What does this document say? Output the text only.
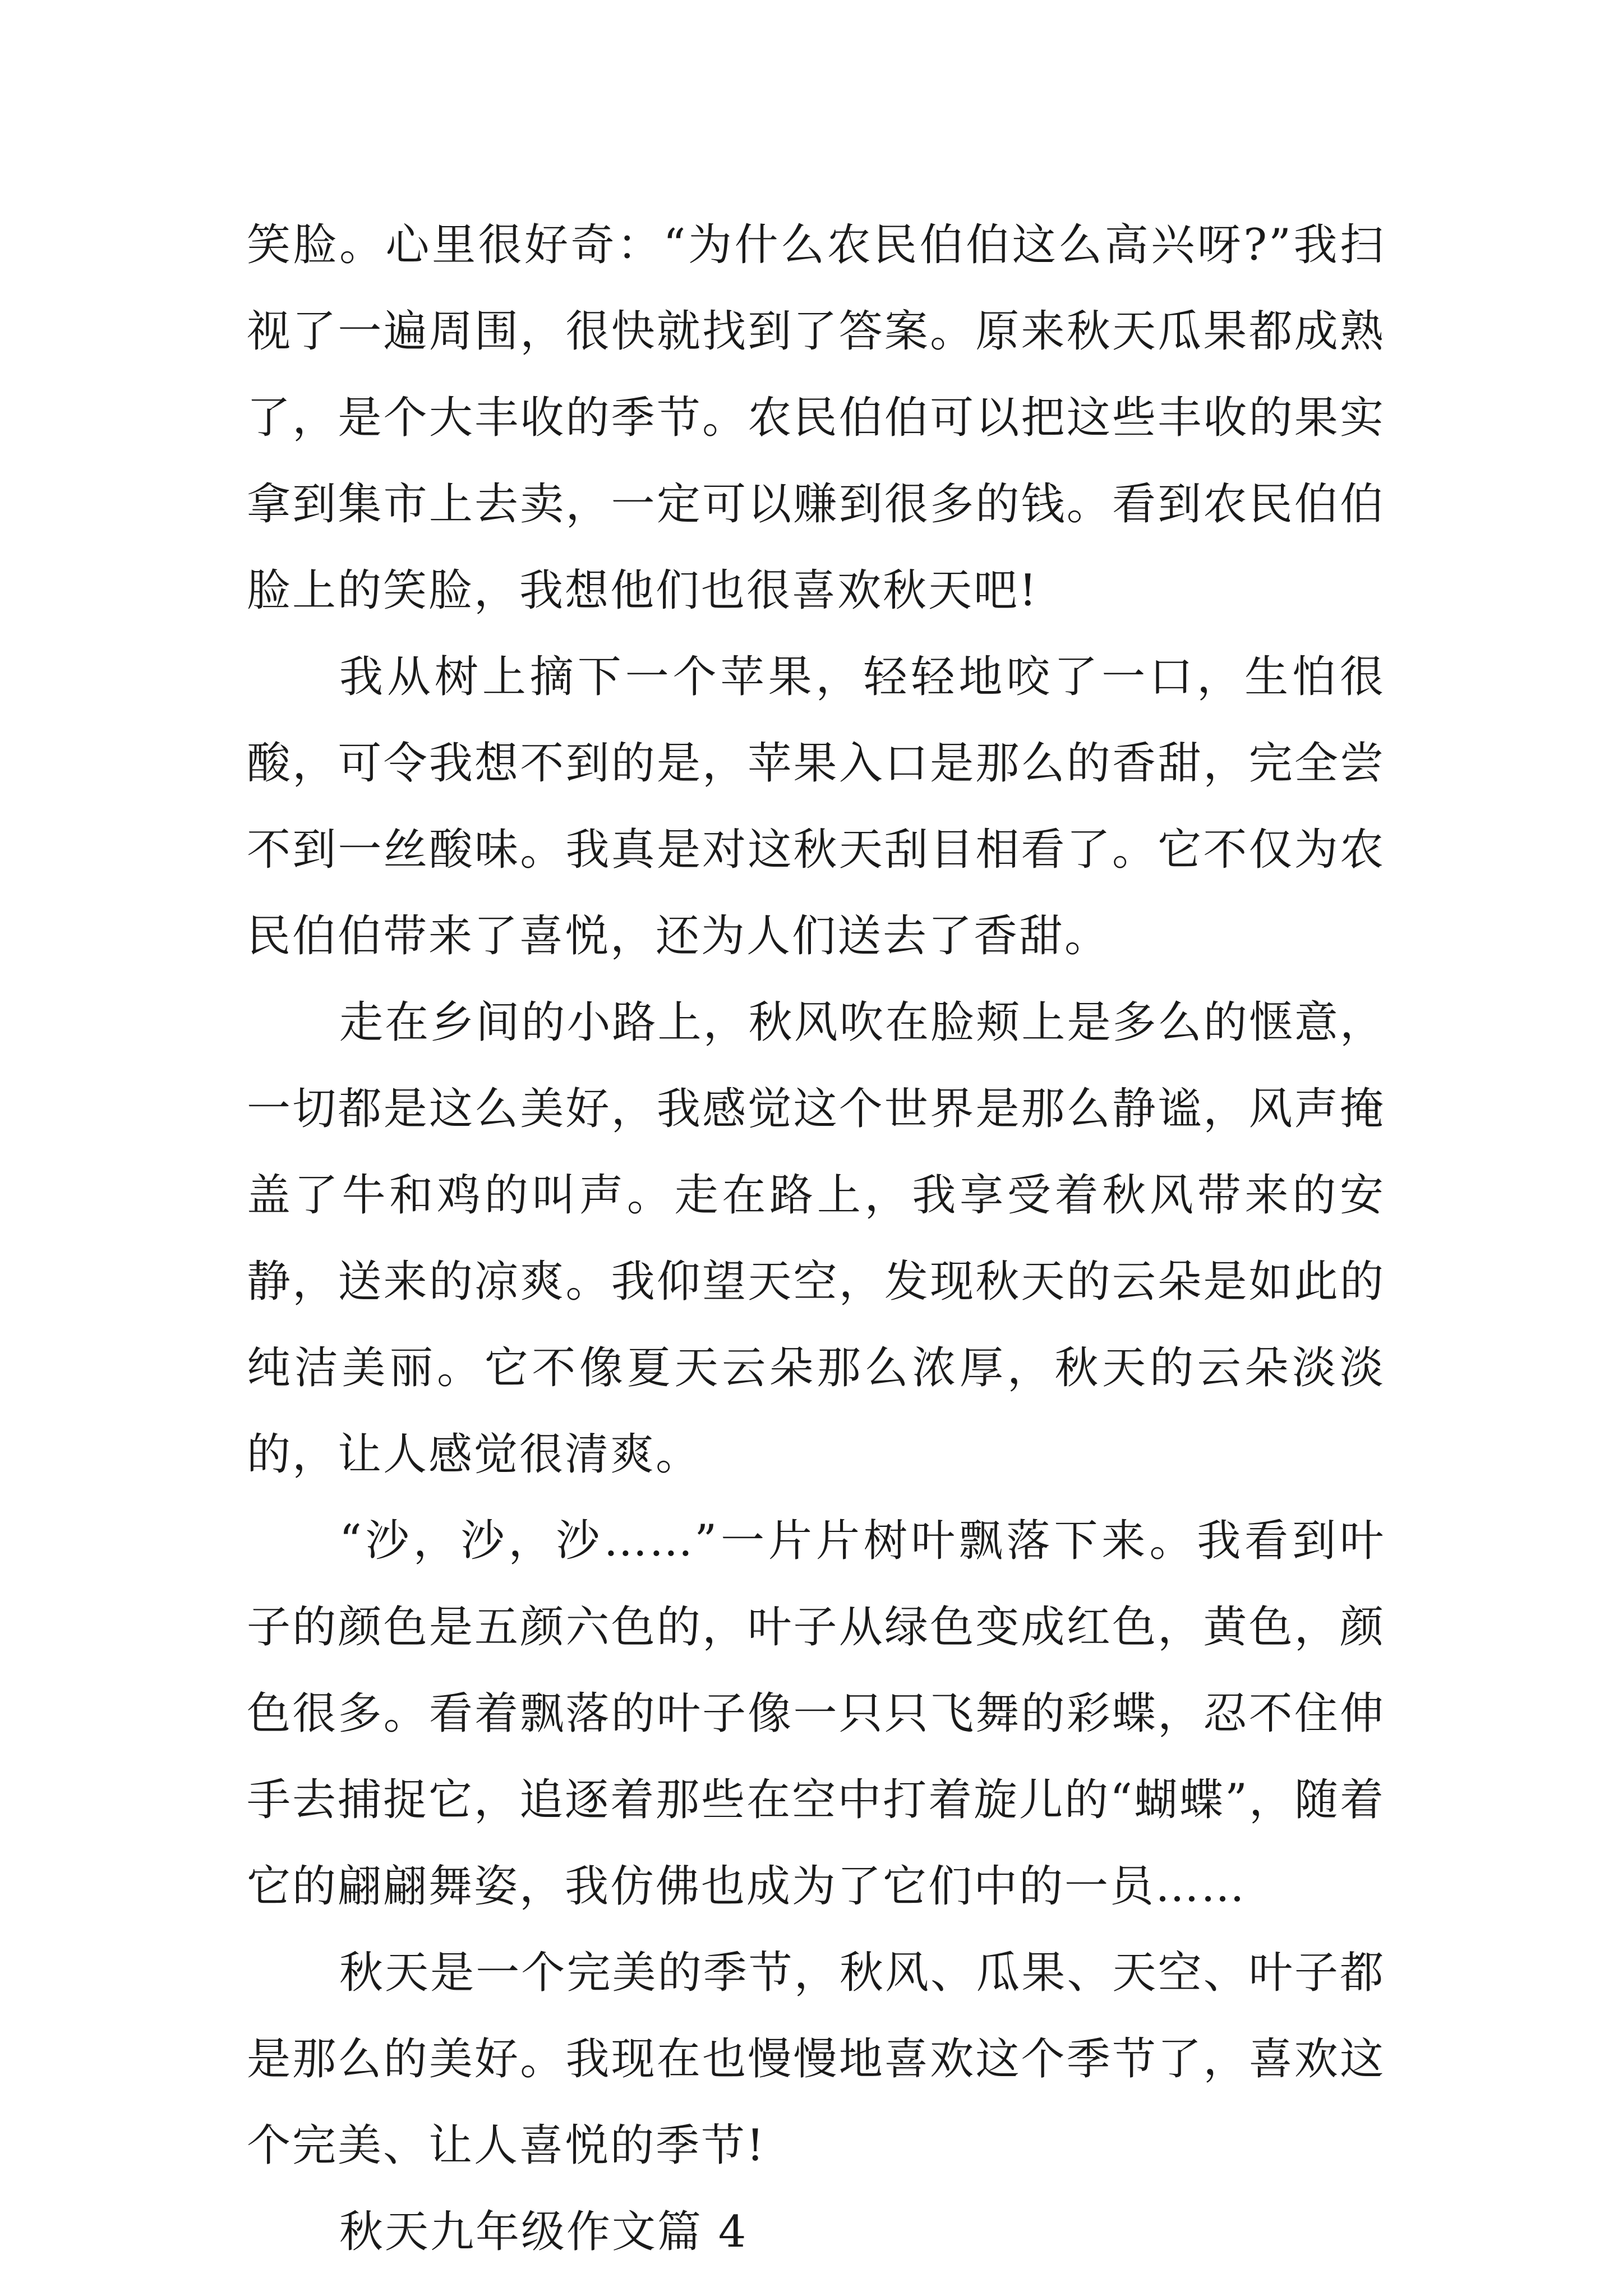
笑脸。心里很好奇：“为什么农民伯伯这么高兴呀?”我扫视了一遍周围，很快就找到了答案。原来秋天瓜果都成熟了，是个大丰收的季节。农民伯伯可以把这些丰收的果实拿到集市上去卖，一定可以赚到很多的钱。看到农民伯伯脸上的笑脸，我想他们也很喜欢秋天吧!

我从树上摘下一个苹果，轻轻地咬了一口，生怕很酸，可令我想不到的是，苹果入口是那么的香甜，完全尝不到一丝酸味。我真是对这秋天刮目相看了。它不仅为农民伯伯带来了喜悦，还为人们送去了香甜。

走在乡间的小路上，秋风吹在脸颊上是多么的惬意，一切都是这么美好，我感觉这个世界是那么静谧，风声掩盖了牛和鸡的叫声。走在路上，我享受着秋风带来的安静，送来的凉爽。我仰望天空，发现秋天的云朵是如此的纯洁美丽。它不像夏天云朵那么浓厚，秋天的云朵淡淡的，让人感觉很清爽。

“沙，沙，沙……”一片片树叶飘落下来。我看到叶子的颜色是五颜六色的，叶子从绿色变成红色，黄色，颜色很多。看着飘落的叶子像一只只飞舞的彩蝶，忍不住伸手去捕捉它，追逐着那些在空中打着旋儿的“蝴蝶”，随着它的翩翩舞姿，我仿佛也成为了它们中的一员……

秋天是一个完美的季节，秋风、瓜果、天空、叶子都是那么的美好。我现在也慢慢地喜欢这个季节了，喜欢这个完美、让人喜悦的季节!

秋天九年级作文篇 4
